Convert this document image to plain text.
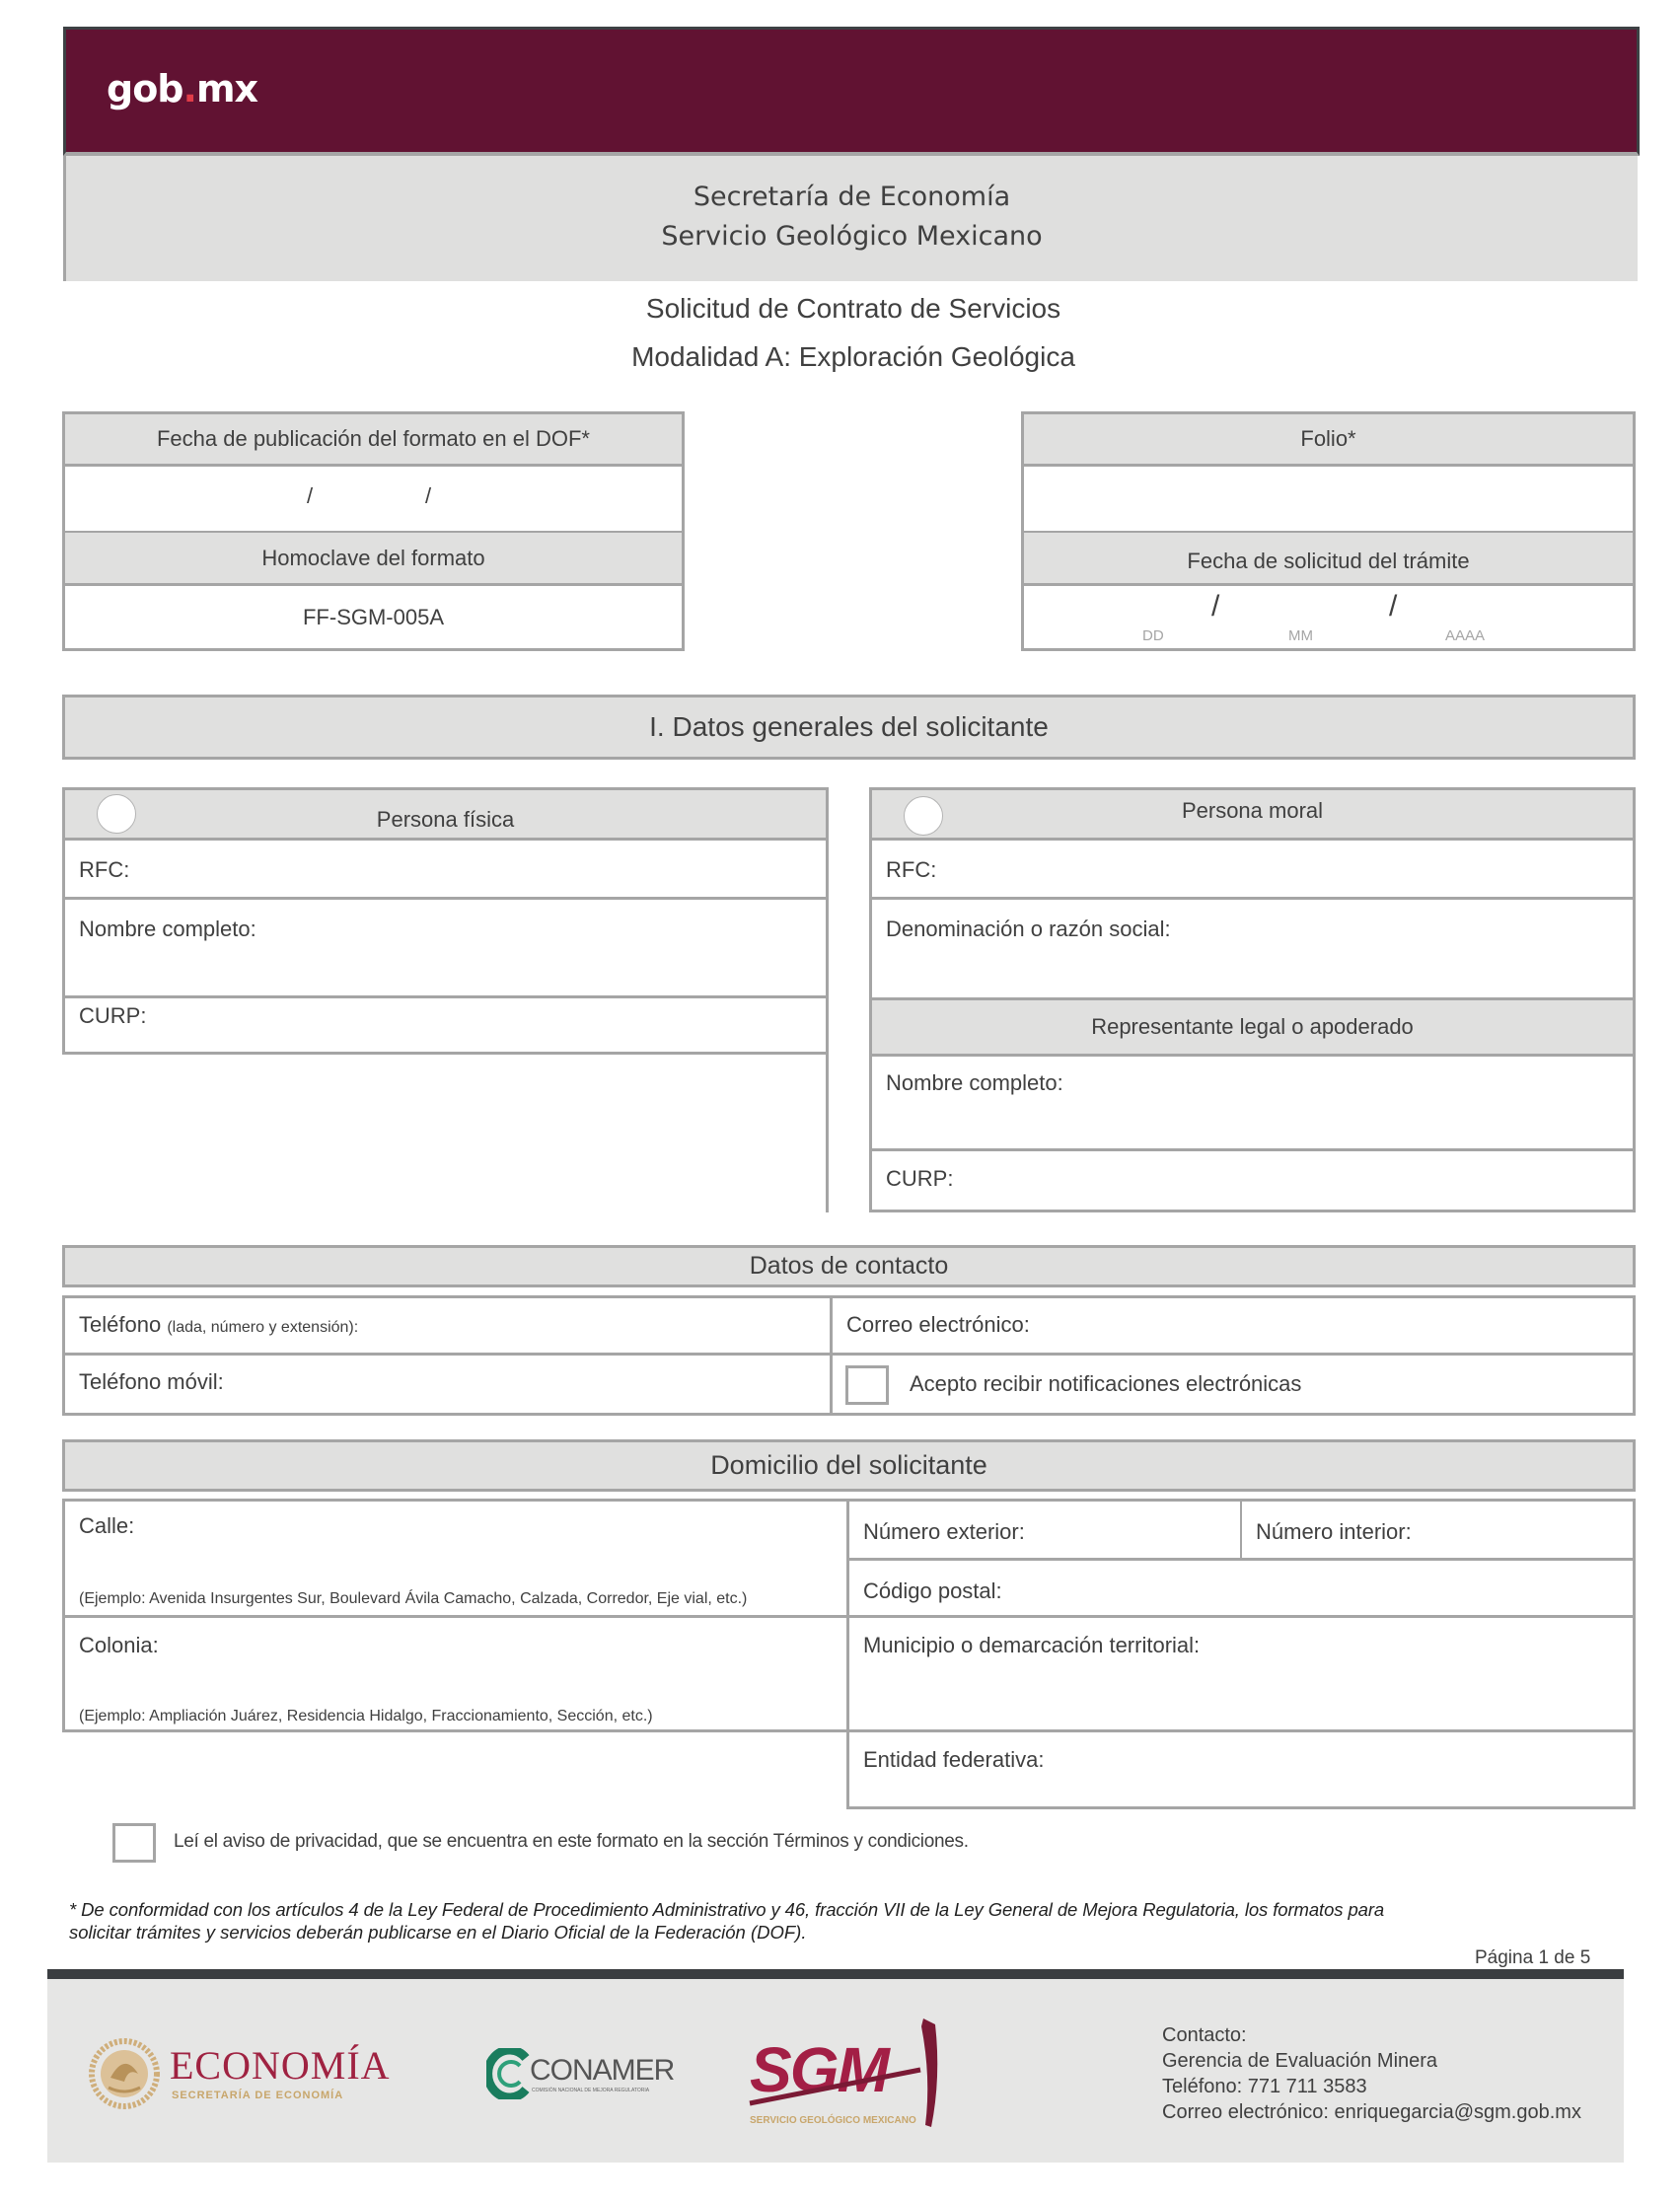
gob.mx
Secretaría de Economía
Servicio Geológico Mexicano
Solicitud de Contrato de Servicios
Modalidad A: Exploración Geológica
Fecha de publicación del formato en el DOF*
/	/
Homoclave del formato
FF-SGM-005A
Folio*
Fecha de solicitud del trámite
/	/
DD	MM	AAAA
I. Datos generales del solicitante
Persona física
RFC:
Nombre completo:
CURP:
Persona moral
RFC:
Denominación o razón social:
Representante legal o apoderado
Nombre completo:
CURP:
Datos de contacto
Teléfono (lada, número y extensión):	Correo electrónico:
Teléfono móvil:	Acepto recibir notificaciones electrónicas
Domicilio del solicitante
Calle:
(Ejemplo: Avenida Insurgentes Sur, Boulevard Ávila Camacho, Calzada, Corredor, Eje vial, etc.)
Colonia:
(Ejemplo: Ampliación Juárez, Residencia Hidalgo, Fraccionamiento, Sección, etc.)
Número exterior:	Número interior:
Código postal:
Municipio o demarcación territorial:
Entidad federativa:
Leí el aviso de privacidad, que se encuentra en este formato en la sección Términos y condiciones.
* De conformidad con los artículos 4 de la Ley Federal de Procedimiento Administrativo y 46, fracción VII de la Ley General de Mejora Regulatoria, los formatos para
solicitar trámites y servicios deberán publicarse en el Diario Oficial de la Federación (DOF).
Página 1 de 5
ECONOMÍA
SECRETARÍA DE ECONOMÍA
CONAMER
COMISIÓN NACIONAL DE MEJORA REGULATORIA SGM
SERVICIO GEOLÓGICO MEXICANO
Contacto:
Gerencia de Evaluación Minera
Teléfono: 771 711 3583
Correo electrónico: enriquegarcia@sgm.gob.mx
